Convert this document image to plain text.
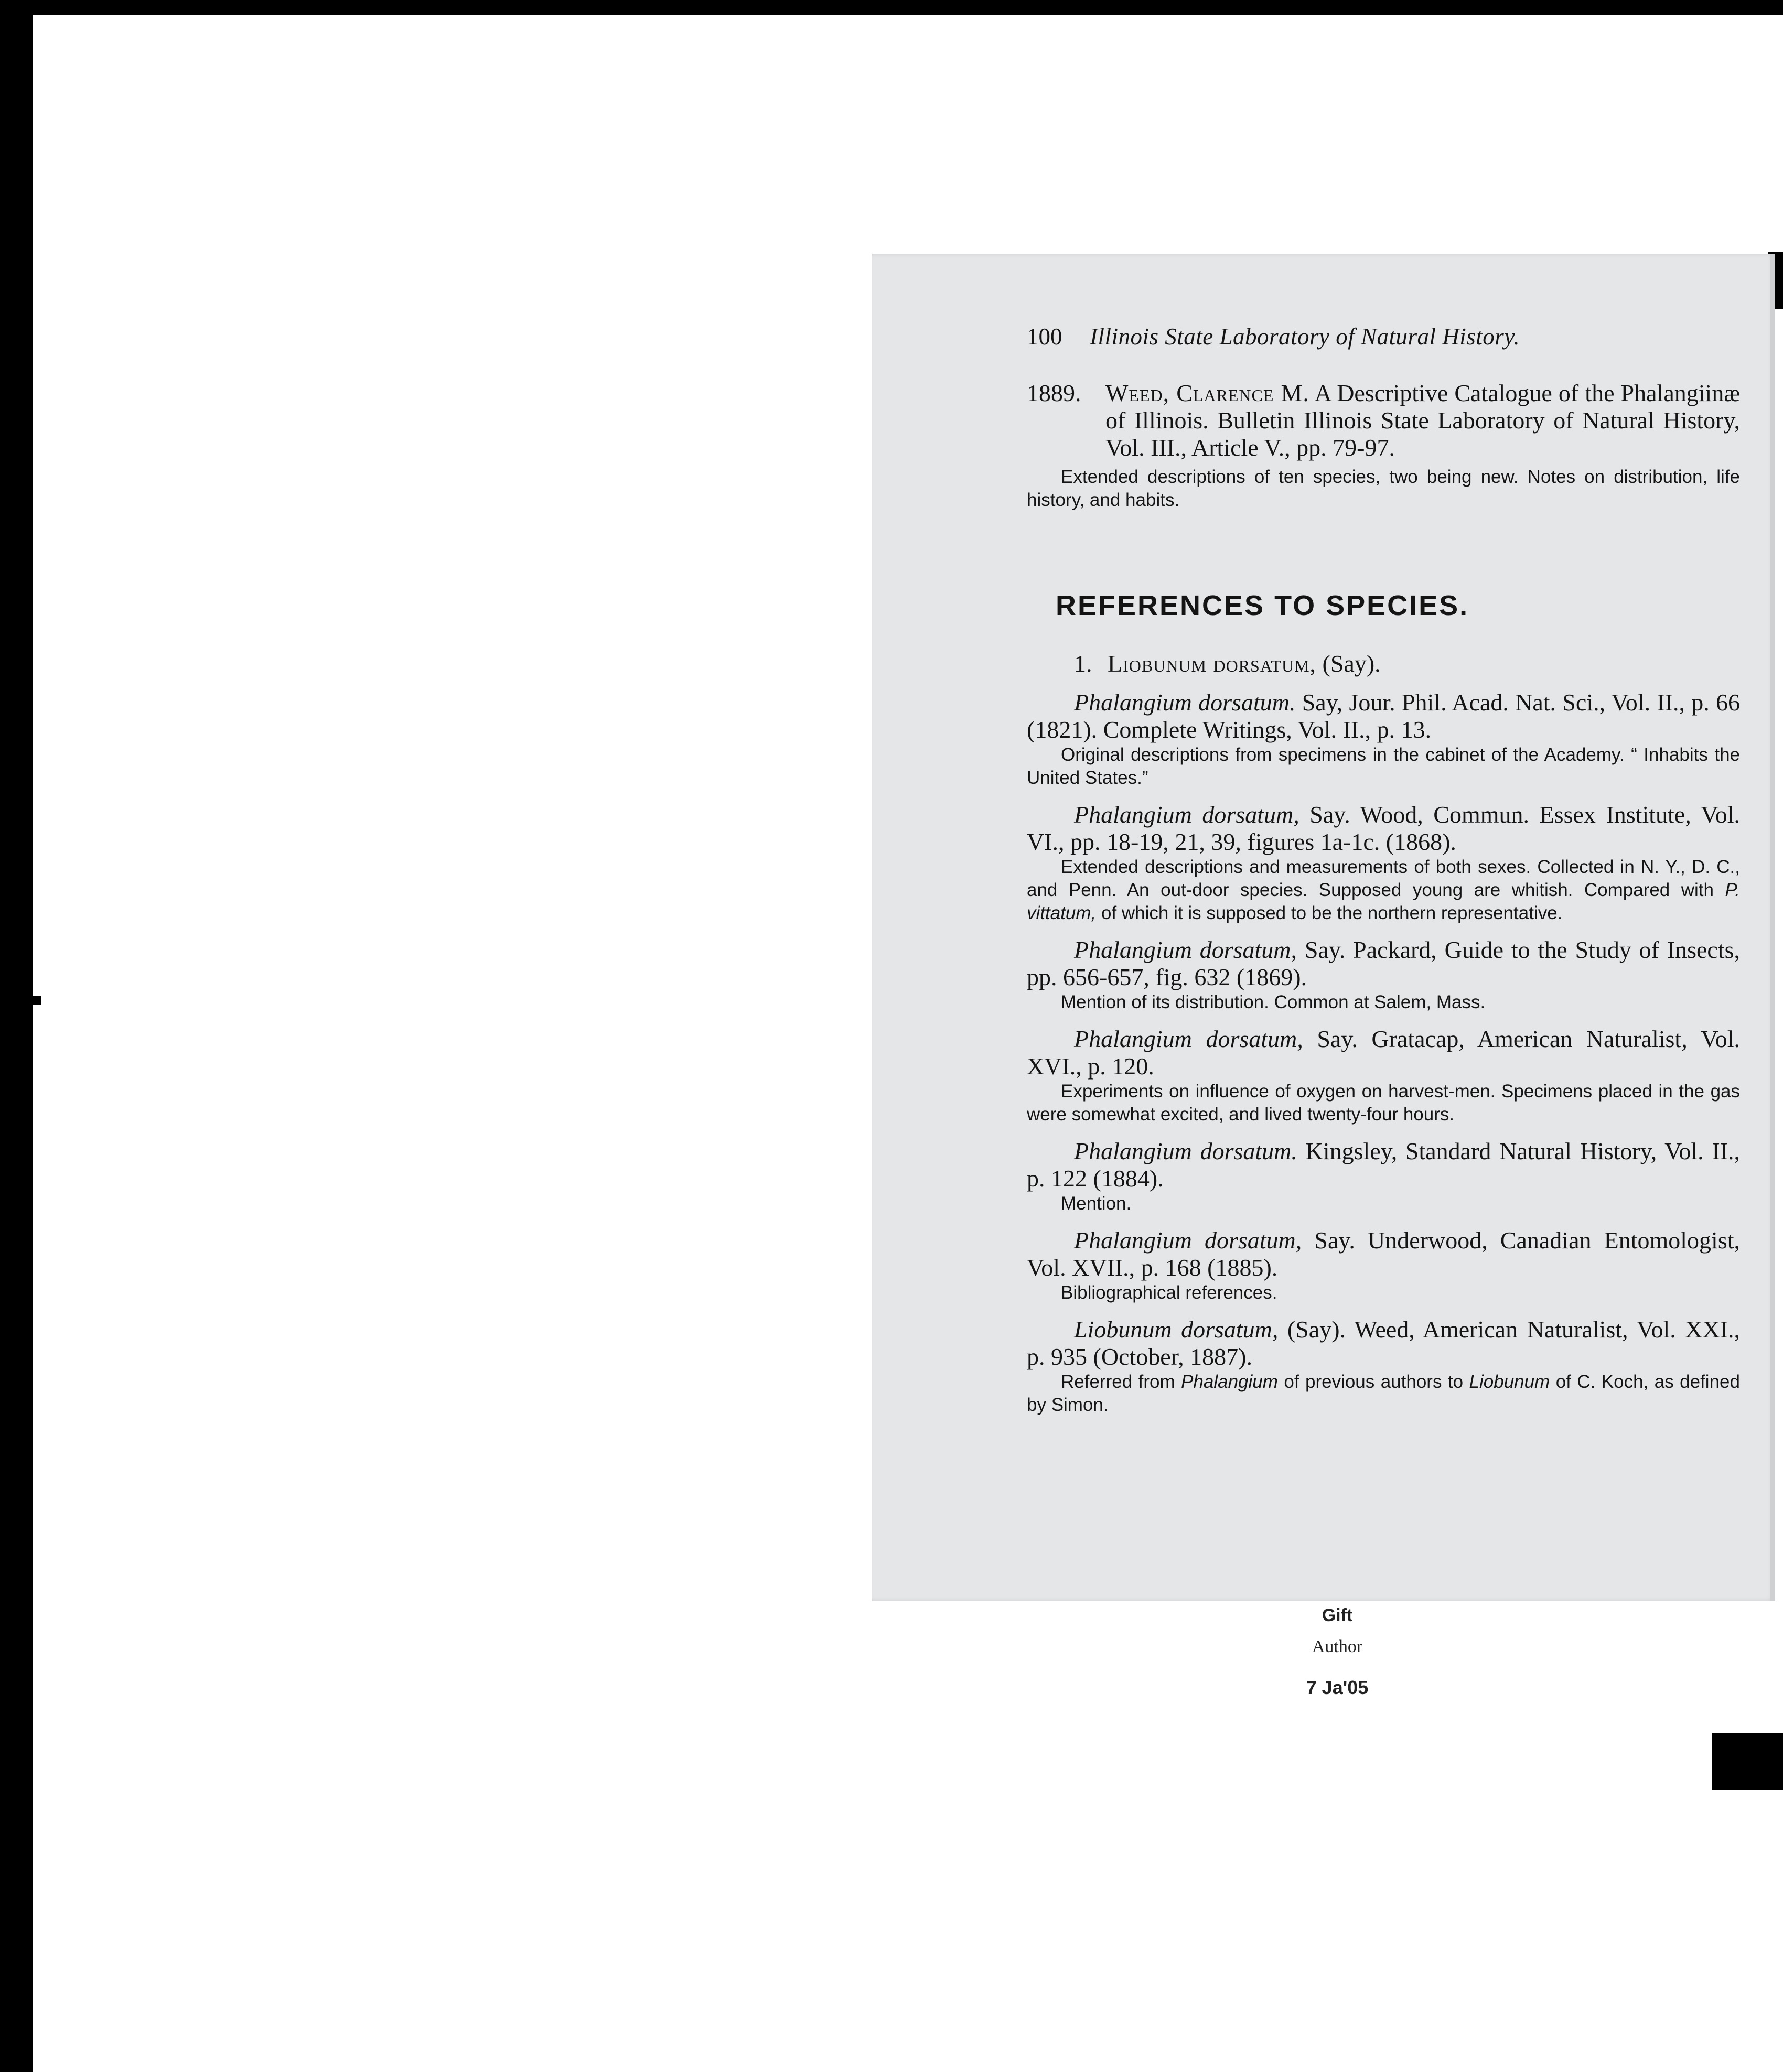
100 Illinois State Laboratory of Natural History.
1889. Weed, Clarence M. A Descriptive Catalogue of the Phalangiinæ of Illinois. Bulletin Illinois State Laboratory of Natural History, Vol. III., Article V., pp. 79-97.
Extended descriptions of ten species, two being new. Notes on distribution, life history, and habits.
REFERENCES TO SPECIES.
1. Liobunum dorsatum, (Say).
Phalangium dorsatum. Say, Jour. Phil. Acad. Nat. Sci., Vol. II., p. 66 (1821). Complete Writings, Vol. II., p. 13.
Original descriptions from specimens in the cabinet of the Academy. “ Inhabits the United States.”
Phalangium dorsatum, Say. Wood, Commun. Essex Institute, Vol. VI., pp. 18-19, 21, 39, figures 1a-1c. (1868).
Extended descriptions and measurements of both sexes. Collected in N. Y., D. C., and Penn. An out-door species. Supposed young are whitish. Compared with P. vittatum, of which it is supposed to be the northern representative.
Phalangium dorsatum, Say. Packard, Guide to the Study of Insects, pp. 656-657, fig. 632 (1869).
Mention of its distribution. Common at Salem, Mass.
Phalangium dorsatum, Say. Gratacap, American Naturalist, Vol. XVI., p. 120.
Experiments on influence of oxygen on harvest-men. Specimens placed in the gas were somewhat excited, and lived twenty-four hours.
Phalangium dorsatum. Kingsley, Standard Natural History, Vol. II., p. 122 (1884).
Mention.
Phalangium dorsatum, Say. Underwood, Canadian Entomologist, Vol. XVII., p. 168 (1885).
Bibliographical references.
Liobunum dorsatum, (Say). Weed, American Naturalist, Vol. XXI., p. 935 (October, 1887).
Referred from Phalangium of previous authors to Liobunum of C. Koch, as defined by Simon.
Gift
Author
7 Ja'05
